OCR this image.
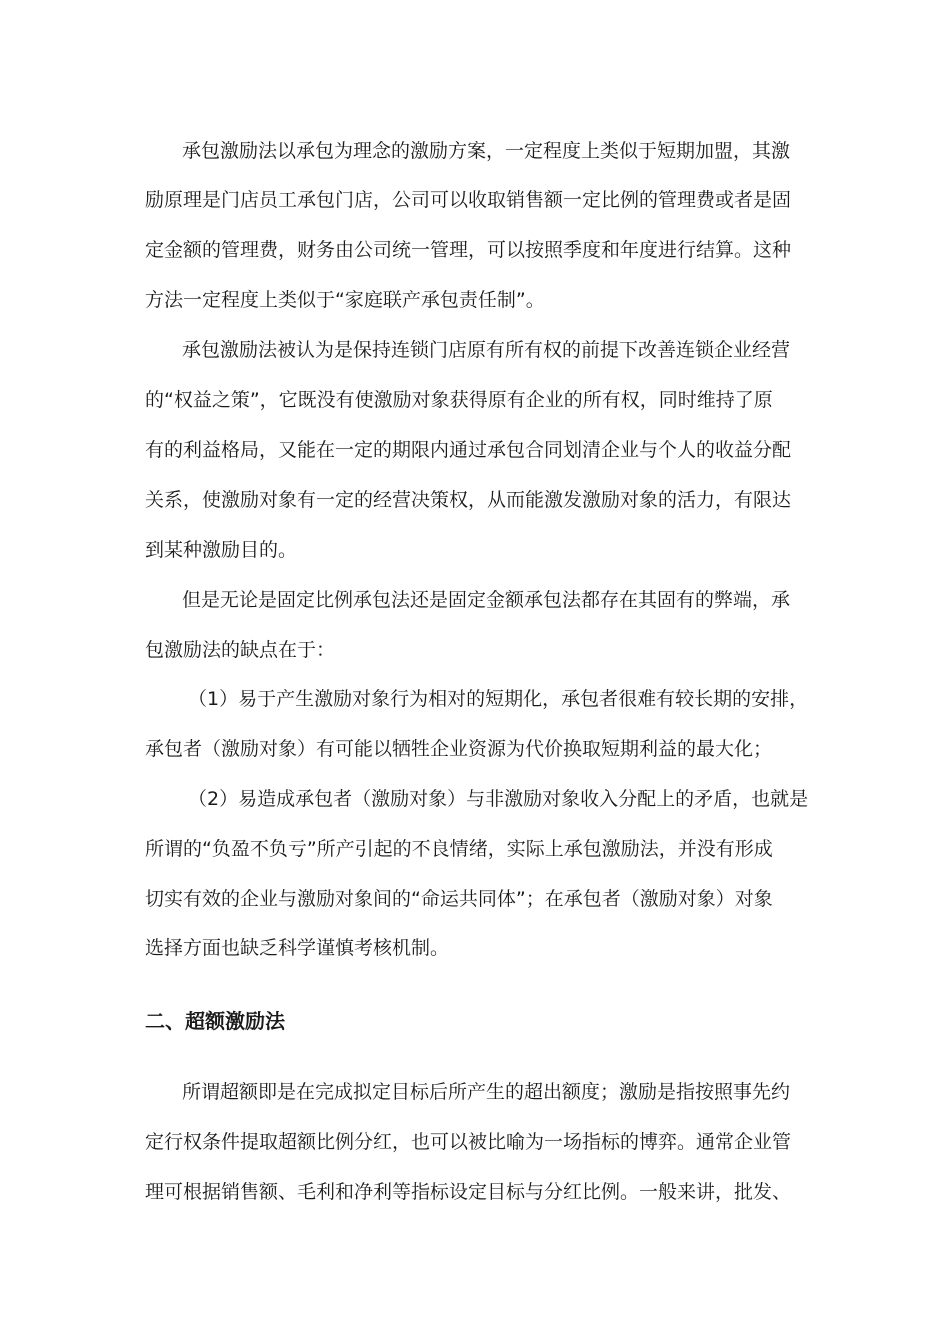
承包激励法以承包为理念的激励方案，一定程度上类似于短期加盟，其激
励原理是门店员工承包门店，公司可以收取销售额一定比例的管理费或者是固
定金额的管理费，财务由公司统一管理，可以按照季度和年度进行结算。这种
方法一定程度上类似于“家庭联产承包责任制”。
承包激励法被认为是保持连锁门店原有所有权的前提下改善连锁企业经营
的“权益之策”，它既没有使激励对象获得原有企业的所有权，同时维持了原
有的利益格局，又能在一定的期限内通过承包合同划清企业与个人的收益分配
关系，使激励对象有一定的经营决策权，从而能激发激励对象的活力，有限达
到某种激励目的。
但是无论是固定比例承包法还是固定金额承包法都存在其固有的弊端，承
包激励法的缺点在于：
（1）易于产生激励对象行为相对的短期化，承包者很难有较长期的安排，
承包者（激励对象）有可能以牺牲企业资源为代价换取短期利益的最大化；
（2）易造成承包者（激励对象）与非激励对象收入分配上的矛盾，也就是
所谓的“负盈不负亏”所产引起的不良情绪，实际上承包激励法，并没有形成
切实有效的企业与激励对象间的“命运共同体”；在承包者（激励对象）对象
选择方面也缺乏科学谨慎考核机制。
二、超额激励法
所谓超额即是在完成拟定目标后所产生的超出额度；激励是指按照事先约
定行权条件提取超额比例分红，也可以被比喻为一场指标的博弈。通常企业管
理可根据销售额、毛利和净利等指标设定目标与分红比例。一般来讲，批发、
